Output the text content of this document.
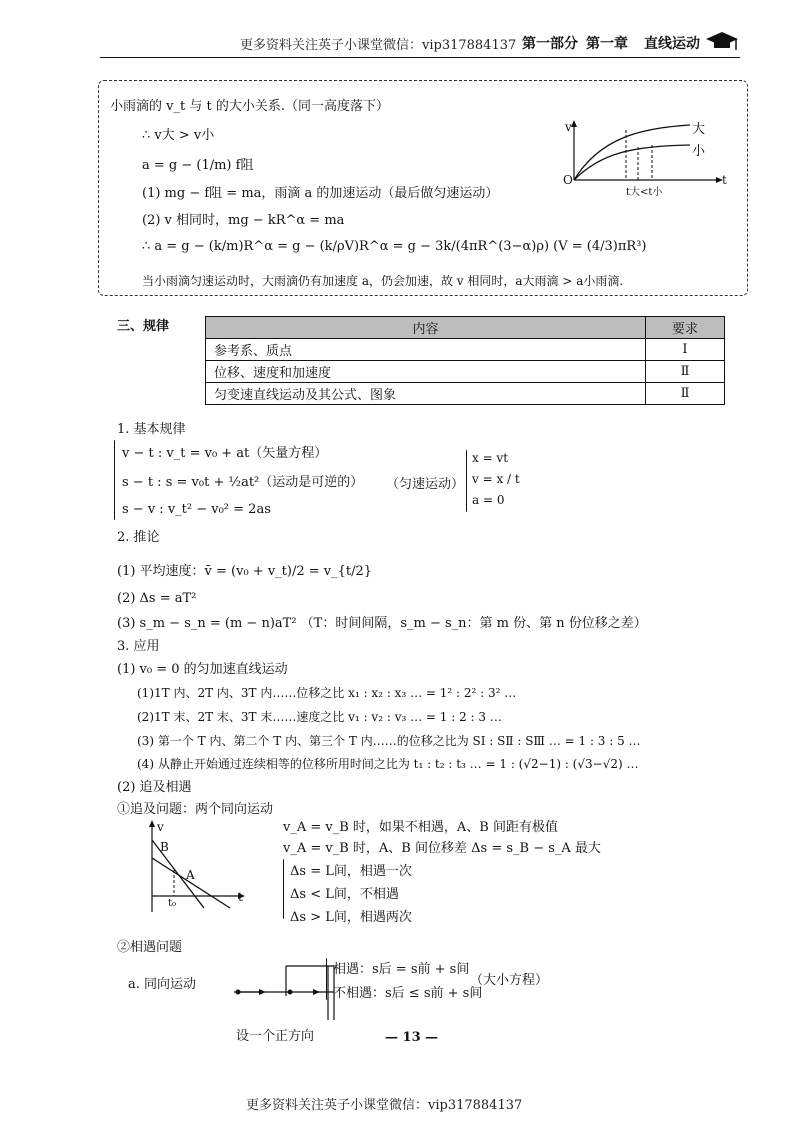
更多资料关注英子小课堂微信：vip317884137 第一部分 第一章 直线运动
小雨滴的 v_t 与 t 的大小关系.（同一高度落下）
∴ v大 > v小
a = g − (1/m) f阻
(1) mg − f阻 = ma，雨滴 a 的加速运动（最后做匀速运动）
(2) v 相同时，mg − kR^α = ma
∴ a = g − (k/m)R^α = g − (k/ρV)R^α = g − 3k/(4πR^(3−α)ρ) (V = (4/3)πR³)
当小雨滴匀速运动时，大雨滴仍有加速度 a，仍会加速，故 v 相同时，a大雨滴 > a小雨滴.
v
O	t
大
小
t大<t小
三、规律	内容	要求
参考系、质点	Ⅰ
位移、速度和加速度	Ⅱ
匀变速直线运动及其公式、图象	Ⅱ
1. 基本规律
v − t : v_t = v₀ + at（矢量方程）
s − t : s = v₀t + ½at²（运动是可逆的）
s − v : v_t² − v₀² = 2as
（匀速运动）
x = vt
v = x / t
a = 0
2. 推论
(1) 平均速度：v̄ = (v₀ + v_t)/2 = v_{t/2}
(2) Δs = aT²
(3) s_m − s_n = (m − n)aT² （T：时间间隔，s_m − s_n：第 m 份、第 n 份位移之差）
3. 应用
(1) v₀ = 0 的匀加速直线运动
(1)1T 内、2T 内、3T 内……位移之比 x₁ : x₂ : x₃ … = 1² : 2² : 3² …
(2)1T 末、2T 末、3T 末……速度之比 v₁ : v₂ : v₃ … = 1 : 2 : 3 …
(3) 第一个 T 内、第二个 T 内、第三个 T 内……的位移之比为 SⅠ : SⅡ : SⅢ … = 1 : 3 : 5 …
(4) 从静止开始通过连续相等的位移所用时间之比为 t₁ : t₂ : t₃ … = 1 : (√2−1) : (√3−√2) …
(2) 追及相遇
①追及问题：两个同向运动
v
B
A
t
t₀
v_A = v_B 时，如果不相遇，A、B 间距有极值
v_A = v_B 时，A、B 间位移差 Δs = s_B − s_A 最大
Δs = L间，相遇一次
Δs < L间，不相遇
Δs > L间，相遇两次
②相遇问题
a. 同向运动
相遇：s后 = s前 + s间
不相遇：s后 ≤ s前 + s间
（大小方程）
设一个正方向	— 13 —
更多资料关注英子小课堂微信：vip317884137
